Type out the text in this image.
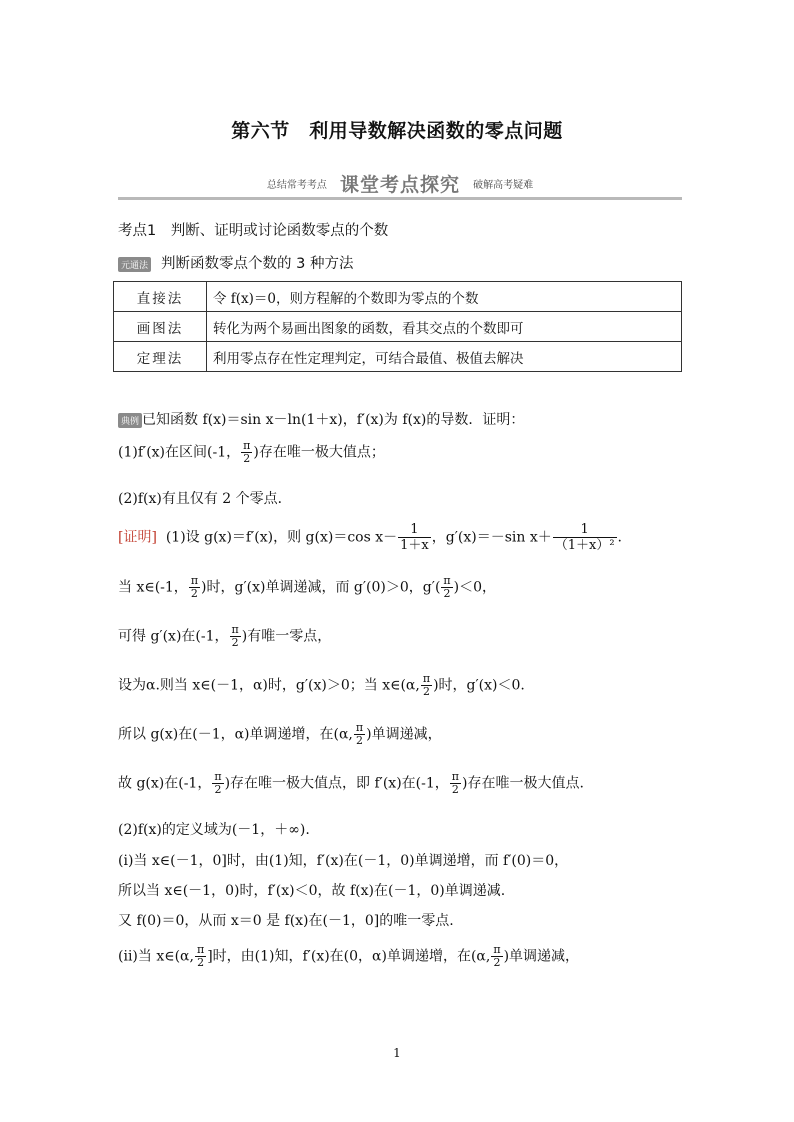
第六节　利用导数解决函数的零点问题
总结常考考点 课堂考点探究 破解高考疑难
考点1　判断、证明或讨论函数零点的个数
元通法 判断函数零点个数的 3 种方法
直接法	令 f(x)＝0，则方程解的个数即为零点的个数
画图法	转化为两个易画出图象的函数，看其交点的个数即可
定理法	利用零点存在性定理判定，可结合最值、极值去解决
典例 已知函数 f(x)＝sin x－ln(1＋x)，f′(x)为 f(x)的导数．证明：
(1)f′(x)在区间(-1， $\frac{\pi}{2}$ )存在唯一极大值点；
(2)f(x)有且仅有 2 个零点．
[证明] (1)设 g(x)＝f′(x)，则 g(x)＝cos $x- \frac{1}{1+x}$ ，g′(x)＝－sin $x+ \frac{1}{\text{（1＋x）²}}$ .
当 x∈(-1， $\frac{\pi}{2}$ )时，g′(x)单调递减，而 g′(0)＞0，$g'( \frac{\pi}{2} )<0$，
可得 g′(x)在(-1， $\frac{\pi}{2}$ )有唯一零点，
设为α.则当 x∈(－1，α)时，g′(x)＞0；当 x∈(α, $\frac{\pi}{2}$ )时，g′(x)＜0.
所以 g(x)在(－1，α)单调递增，在(α, $\frac{\pi}{2}$ )单调递减，
故 g(x)在(-1， $\frac{\pi}{2}$ )存在唯一极大值点，即 f′(x)在(-1， $\frac{\pi}{2}$ )存在唯一极大值点.
(2)f(x)的定义域为(－1，＋∞).
(ⅰ)当 x∈(－1，0]时，由(1)知，f′(x)在(－1，0)单调递增，而 f′(0)＝0，
所以当 x∈(－1，0)时，f′(x)＜0，故 f(x)在(－1，0)单调递减.
又 f(0)＝0，从而 x＝0 是 f(x)在(－1，0]的唯一零点.
(ⅱ)当 x∈(α, $\frac{\pi}{2}$ ]时，由(1)知，f′(x)在(0，α)单调递增，在(α, $\frac{\pi}{2}$ )单调递减，
1
